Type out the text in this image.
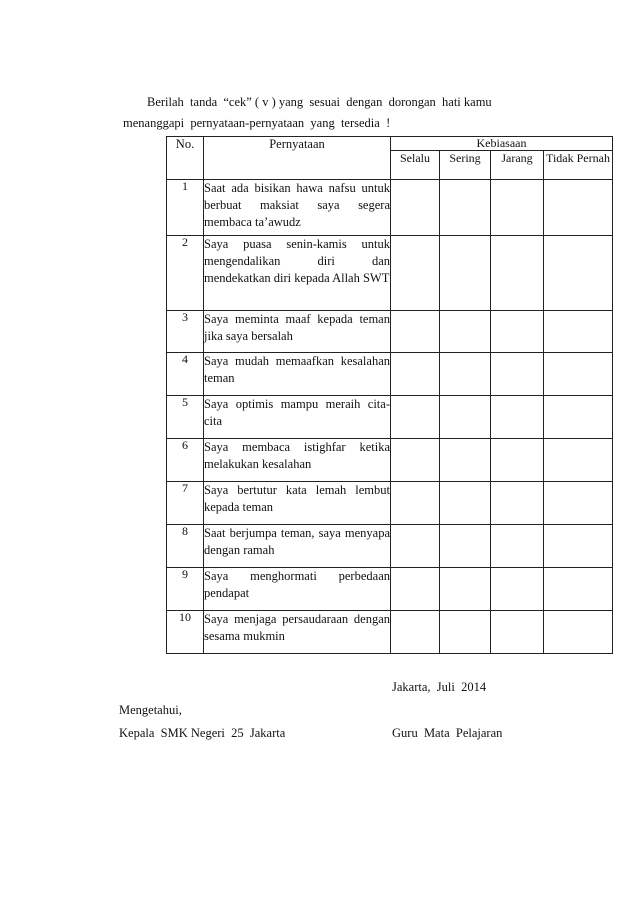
Berilah  tanda  “cek” ( v ) yang  sesuai  dengan  dorongan  hati kamu

menanggapi  pernyataan-pernyataan  yang  tersedia  !
No.	Pernyataan	Kebiasaan			
		Selalu	Sering	Jarang	Tidak Pernah
1	Saat ada bisikan hawa nafsu untuk berbuat maksiat saya segera membaca ta’awudz				
2	Saya puasa senin-kamis untuk mengendalikan diri dan mendekatkan diri kepada Allah SWT				
3	Saya meminta maaf kepada teman jika saya bersalah				
4	Saya mudah memaafkan kesalahan teman				
5	Saya optimis mampu meraih cita-cita				
6	Saya membaca istighfar ketika melakukan kesalahan				
7	Saya bertutur kata lemah lembut kepada teman				
8	Saat berjumpa teman, saya menyapa dengan ramah				
9	Saya menghormati perbedaan pendapat				
10	Saya menjaga persaudaraan dengan sesama mukmin				
Jakarta,  Juli  2014
Mengetahui,
Kepala  SMK Negeri  25  Jakarta	Guru  Mata  Pelajaran
